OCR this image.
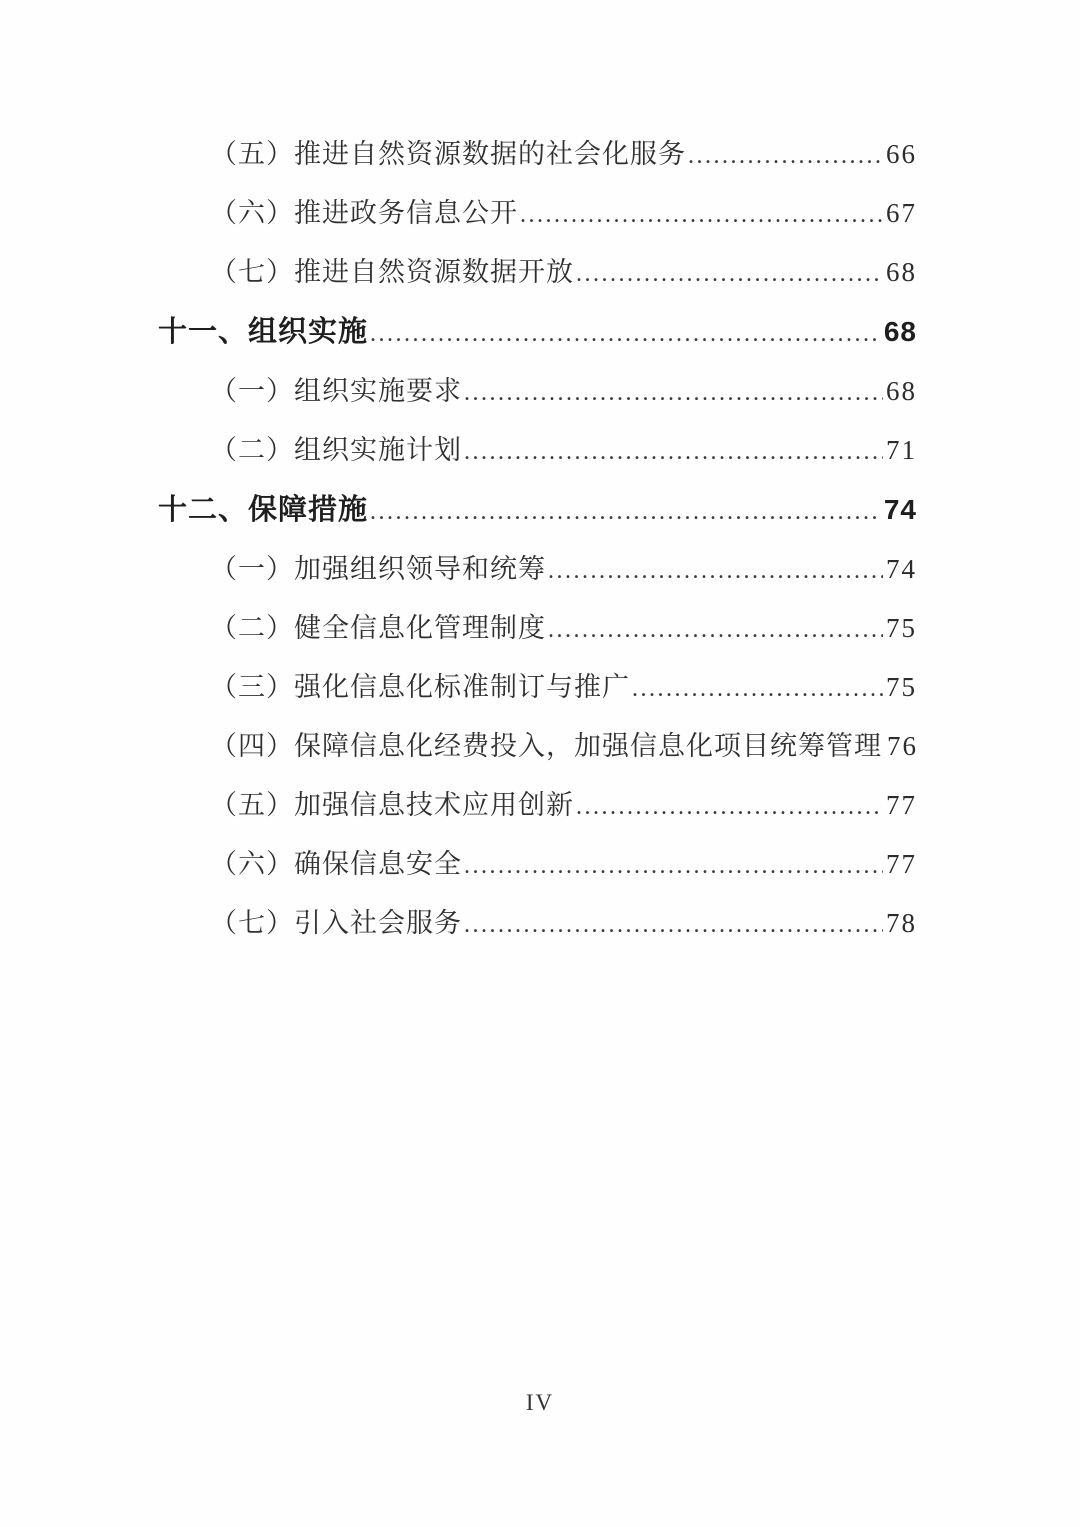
（五）推进自然资源数据的社会化服务 .....	66
（六）推进政务信息公开 .....	67
（七）推进自然资源数据开放 .....	68
十一、组织实施 .....	68
（一）组织实施要求 .....	68
（二）组织实施计划 .....	71
十二、保障措施 .....	74
（一）加强组织领导和统筹 .....	74
（二）健全信息化管理制度 .....	75
（三）强化信息化标准制订与推广 .....	75
（四）保障信息化经费投入，加强信息化项目统筹管理 76
（五）加强信息技术应用创新 .....	77
（六）确保信息安全 .....	77
（七）引入社会服务 .....	78
IV
